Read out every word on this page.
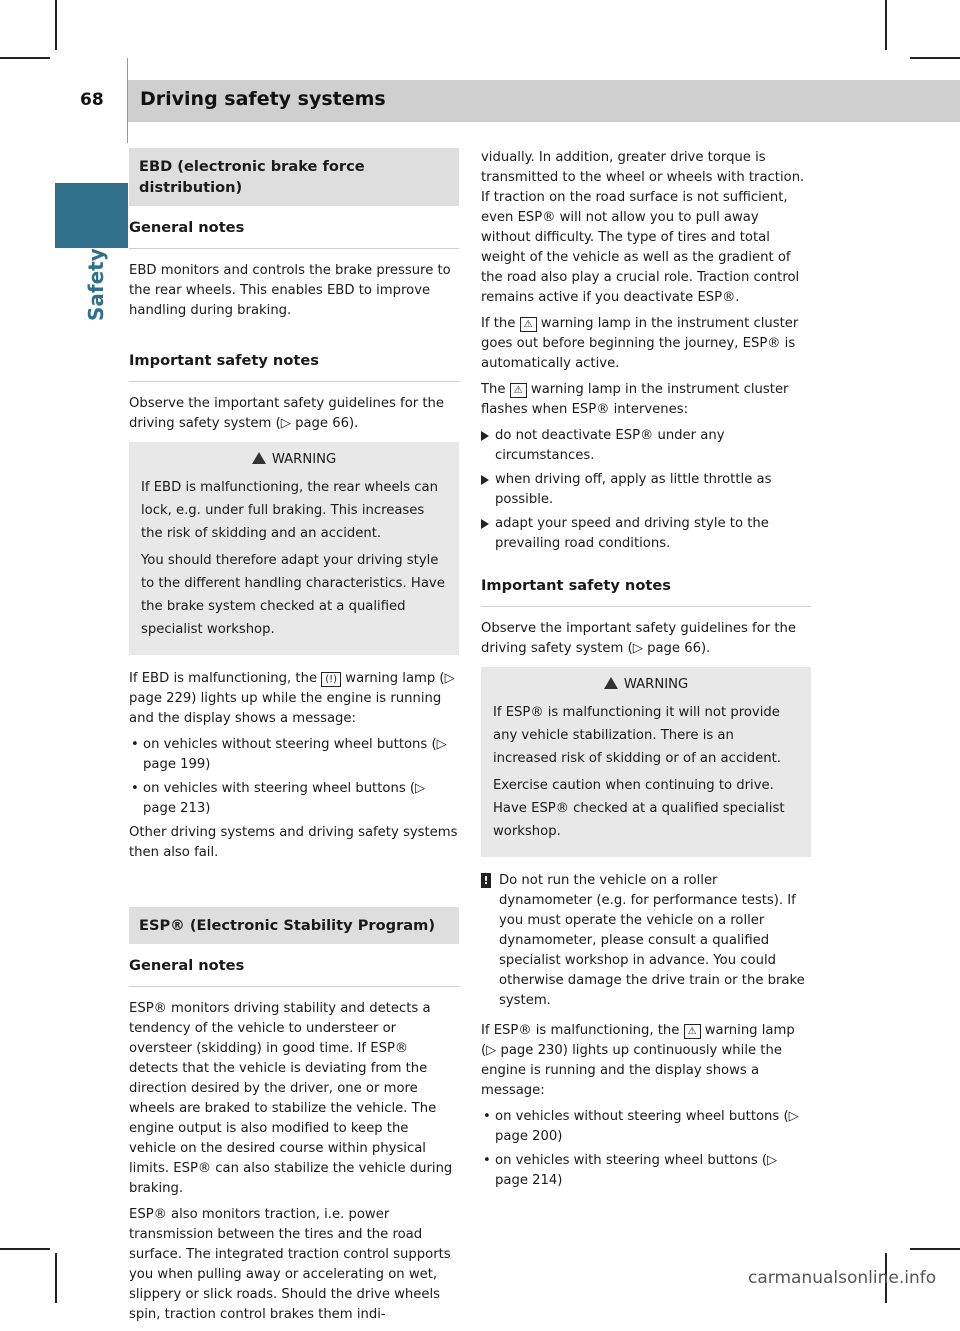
68 Driving safety systems
Safety
EBD (electronic brake force distribution)
General notes

EBD monitors and controls the brake pressure to the rear wheels. This enables EBD to improve handling during braking.

Important safety notes

Observe the important safety guidelines for the driving safety system (▷ page 66).

WARNING

If EBD is malfunctioning, the rear wheels can lock, e.g. under full braking. This increases the risk of skidding and an accident.

You should therefore adapt your driving style to the different handling characteristics. Have the brake system checked at a qualified specialist workshop.

If EBD is malfunctioning, the (!) warning lamp (▷ page 229) lights up while the engine is running and the display shows a message:

• on vehicles without steering wheel buttons (▷ page 199)
• on vehicles with steering wheel buttons (▷ page 213)

Other driving systems and driving safety systems then also fail.

ESP® (Electronic Stability Program)
General notes

ESP® monitors driving stability and detects a tendency of the vehicle to understeer or oversteer (skidding) in good time. If ESP® detects that the vehicle is deviating from the direction desired by the driver, one or more wheels are braked to stabilize the vehicle. The engine output is also modified to keep the vehicle on the desired course within physical limits. ESP® can also stabilize the vehicle during braking.

ESP® also monitors traction, i.e. power transmission between the tires and the road surface. The integrated traction control supports you when pulling away or accelerating on wet, slippery or slick roads. Should the drive wheels spin, traction control brakes them indi-

vidually. In addition, greater drive torque is transmitted to the wheel or wheels with traction. If traction on the road surface is not sufficient, even ESP® will not allow you to pull away without difficulty. The type of tires and total weight of the vehicle as well as the gradient of the road also play a crucial role. Traction control remains active if you deactivate ESP®.

If the ⚠ warning lamp in the instrument cluster goes out before beginning the journey, ESP® is automatically active.

The ⚠ warning lamp in the instrument cluster flashes when ESP® intervenes:

do not deactivate ESP® under any circumstances.
when driving off, apply as little throttle as possible.
adapt your speed and driving style to the prevailing road conditions.
Important safety notes

Observe the important safety guidelines for the driving safety system (▷ page 66).

WARNING

If ESP® is malfunctioning it will not provide any vehicle stabilization. There is an increased risk of skidding or of an accident.

Exercise caution when continuing to drive. Have ESP® checked at a qualified specialist workshop.

! Do not run the vehicle on a roller dynamometer (e.g. for performance tests). If you must operate the vehicle on a roller dynamometer, please consult a qualified specialist workshop in advance. You could otherwise damage the drive train or the brake system.

If ESP® is malfunctioning, the ⚠ warning lamp (▷ page 230) lights up continuously while the engine is running and the display shows a message:

• on vehicles without steering wheel buttons (▷ page 200)
• on vehicles with steering wheel buttons (▷ page 214)
carmanualsonline.info
